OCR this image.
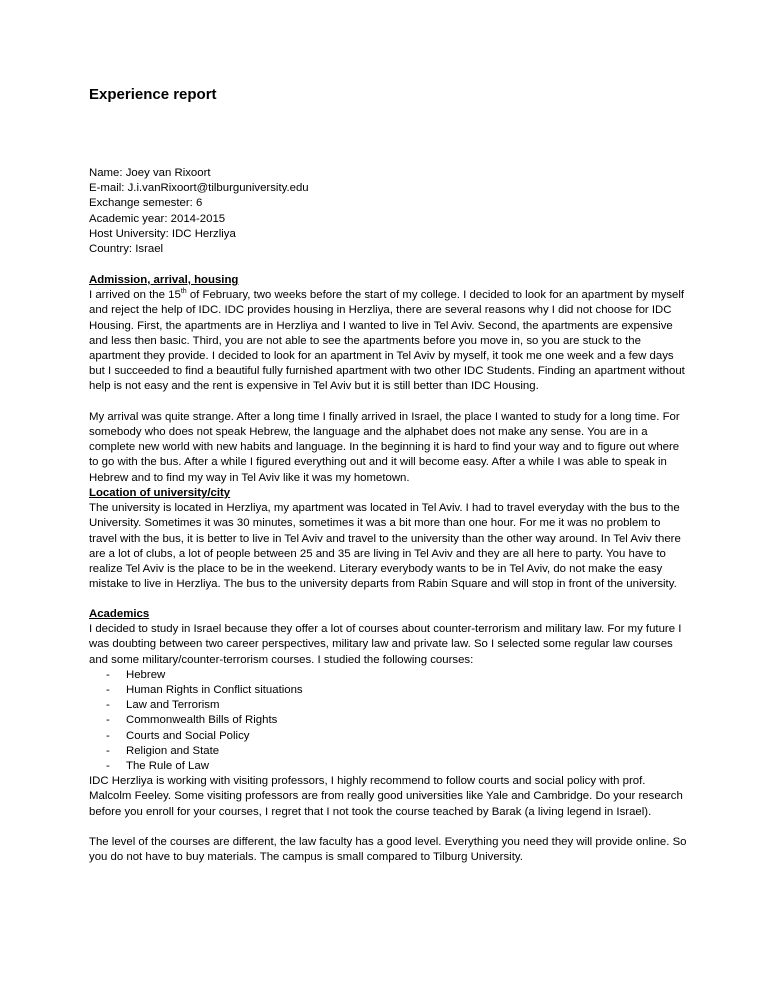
Experience report
Name: Joey van Rixoort
E-mail: J.i.vanRixoort@tilburguniversity.edu
Exchange semester: 6
Academic year: 2014-2015
Host University: IDC Herzliya
Country: Israel
Admission, arrival, housing

I arrived on the 15th of February, two weeks before the start of my college. I decided to look for an apartment by myself and reject the help of IDC. IDC provides housing in Herzliya, there are several reasons why I did not choose for IDC Housing. First, the apartments are in Herzliya and I wanted to live in Tel Aviv. Second, the apartments are expensive and less then basic. Third, you are not able to see the apartments before you move in, so you are stuck to the apartment they provide. I decided to look for an apartment in Tel Aviv by myself, it took me one week and a few days but I succeeded to find a beautiful fully furnished apartment with two other IDC Students. Finding an apartment without help is not easy and the rent is expensive in Tel Aviv but it is still better than IDC Housing.

My arrival was quite strange. After a long time I finally arrived in Israel, the place I wanted to study for a long time. For somebody who does not speak Hebrew, the language and the alphabet does not make any sense. You are in a complete new world with new habits and language. In the beginning it is hard to find your way and to figure out where to go with the bus. After a while I figured everything out and it will become easy. After a while I was able to speak in Hebrew and to find my way in Tel Aviv like it was my hometown.

Location of university/city

The university is located in Herzliya, my apartment was located in Tel Aviv. I had to travel everyday with the bus to the University. Sometimes it was 30 minutes, sometimes it was a bit more than one hour. For me it was no problem to travel with the bus, it is better to live in Tel Aviv and travel to the university than the other way around. In Tel Aviv there are a lot of clubs, a lot of people between 25 and 35 are living in Tel Aviv and they are all here to party. You have to realize Tel Aviv is the place to be in the weekend. Literary everybody wants to be in Tel Aviv, do not make the easy mistake to live in Herzliya. The bus to the university departs from Rabin Square and will stop in front of the university.

Academics

I decided to study in Israel because they offer a lot of courses about counter-terrorism and military law. For my future I was doubting between two career perspectives, military law and private law. So I selected some regular law courses and some military/counter-terrorism courses. I studied the following courses:

- Hebrew
- Human Rights in Conflict situations
- Law and Terrorism
- Commonwealth Bills of Rights
- Courts and Social Policy
- Religion and State
- The Rule of Law

IDC Herzliya is working with visiting professors, I highly recommend to follow courts and social policy with prof. Malcolm Feeley. Some visiting professors are from really good universities like Yale and Cambridge. Do your research before you enroll for your courses, I regret that I not took the course teached by Barak (a living legend in Israel).

The level of the courses are different, the law faculty has a good level. Everything you need they will provide online. So you do not have to buy materials. The campus is small compared to Tilburg University.
